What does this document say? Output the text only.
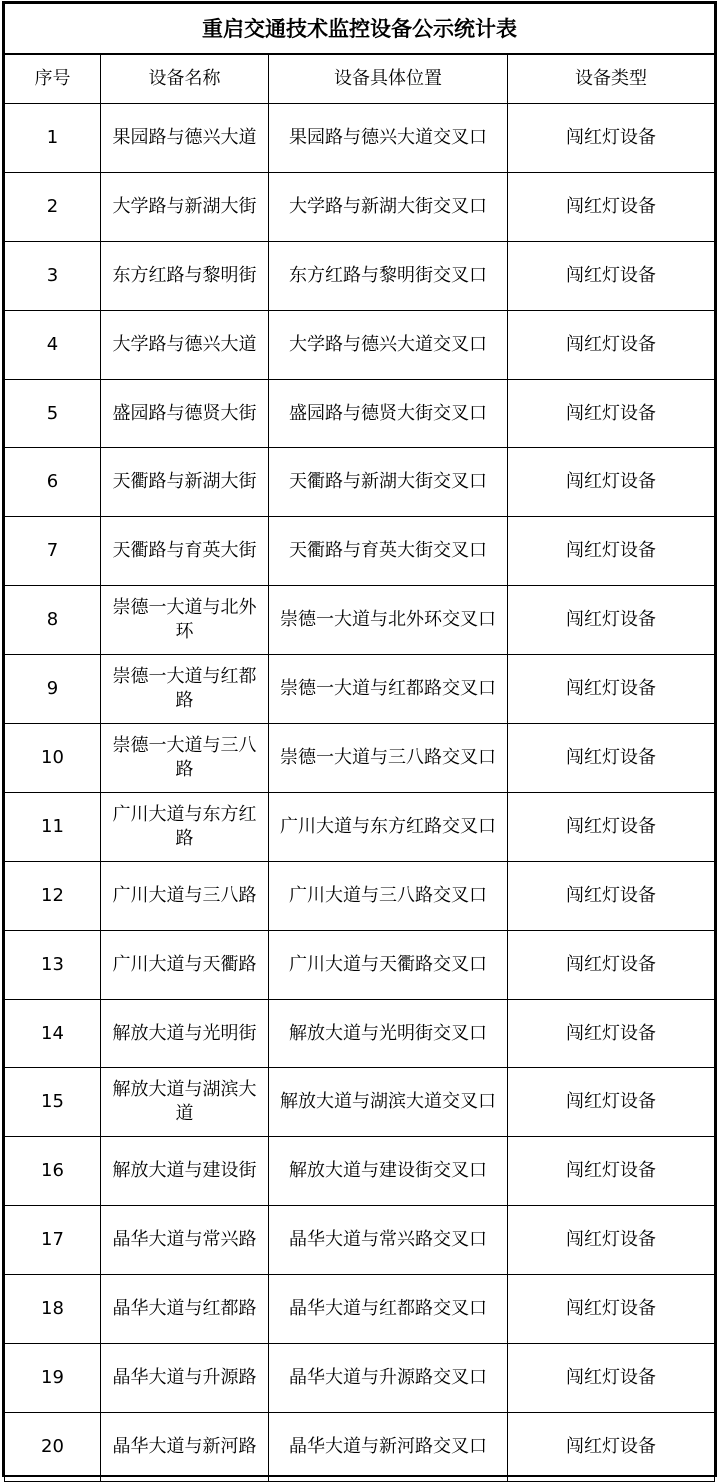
重启交通技术监控设备公示统计表			
序号	设备名称	设备具体位置	设备类型
1	果园路与德兴大道	果园路与德兴大道交叉口	闯红灯设备
2	大学路与新湖大街	大学路与新湖大街交叉口	闯红灯设备
3	东方红路与黎明街	东方红路与黎明街交叉口	闯红灯设备
4	大学路与德兴大道	大学路与德兴大道交叉口	闯红灯设备
5	盛园路与德贤大街	盛园路与德贤大街交叉口	闯红灯设备
6	天衢路与新湖大街	天衢路与新湖大街交叉口	闯红灯设备
7	天衢路与育英大街	天衢路与育英大街交叉口	闯红灯设备
8	崇德一大道与北外环	崇德一大道与北外环交叉口	闯红灯设备
9	崇德一大道与红都路	崇德一大道与红都路交叉口	闯红灯设备
10	崇德一大道与三八路	崇德一大道与三八路交叉口	闯红灯设备
11	广川大道与东方红路	广川大道与东方红路交叉口	闯红灯设备
12	广川大道与三八路	广川大道与三八路交叉口	闯红灯设备
13	广川大道与天衢路	广川大道与天衢路交叉口	闯红灯设备
14	解放大道与光明街	解放大道与光明街交叉口	闯红灯设备
15	解放大道与湖滨大道	解放大道与湖滨大道交叉口	闯红灯设备
16	解放大道与建设街	解放大道与建设街交叉口	闯红灯设备
17	晶华大道与常兴路	晶华大道与常兴路交叉口	闯红灯设备
18	晶华大道与红都路	晶华大道与红都路交叉口	闯红灯设备
19	晶华大道与升源路	晶华大道与升源路交叉口	闯红灯设备
20	晶华大道与新河路	晶华大道与新河路交叉口	闯红灯设备
